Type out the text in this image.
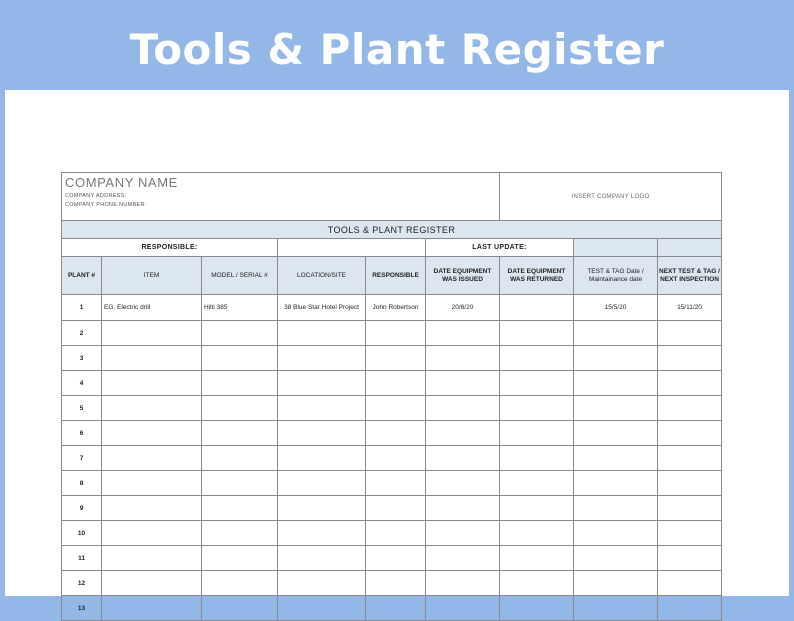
Tools & Plant Register
COMPANY NAME
COMPANY ADDRESS:
COMPANY PHONE NUMBER:						INSERT COMPANY LOGO		
TOOLS & PLANT REGISTER								
RESPONSIBLE:					LAST UPDATE:			
PLANT #	ITEM	MODEL / SERIAL #	LOCATION/SITE	RESPONSIBLE	DATE EQUIPMENT WAS ISSUED	DATE EQUIPMENT WAS RETURNED	TEST & TAG Date / Maintainance date	NEXT TEST & TAG / NEXT INSPECTION
1	EG. Electric drill	Hilti 385	38 Blue Star Hotel Project	John Robertson	20/6/20		15/5/20	15/11/20
2								
3								
4								
5								
6								
7								
8								
9								
10								
11								
12								
13								
